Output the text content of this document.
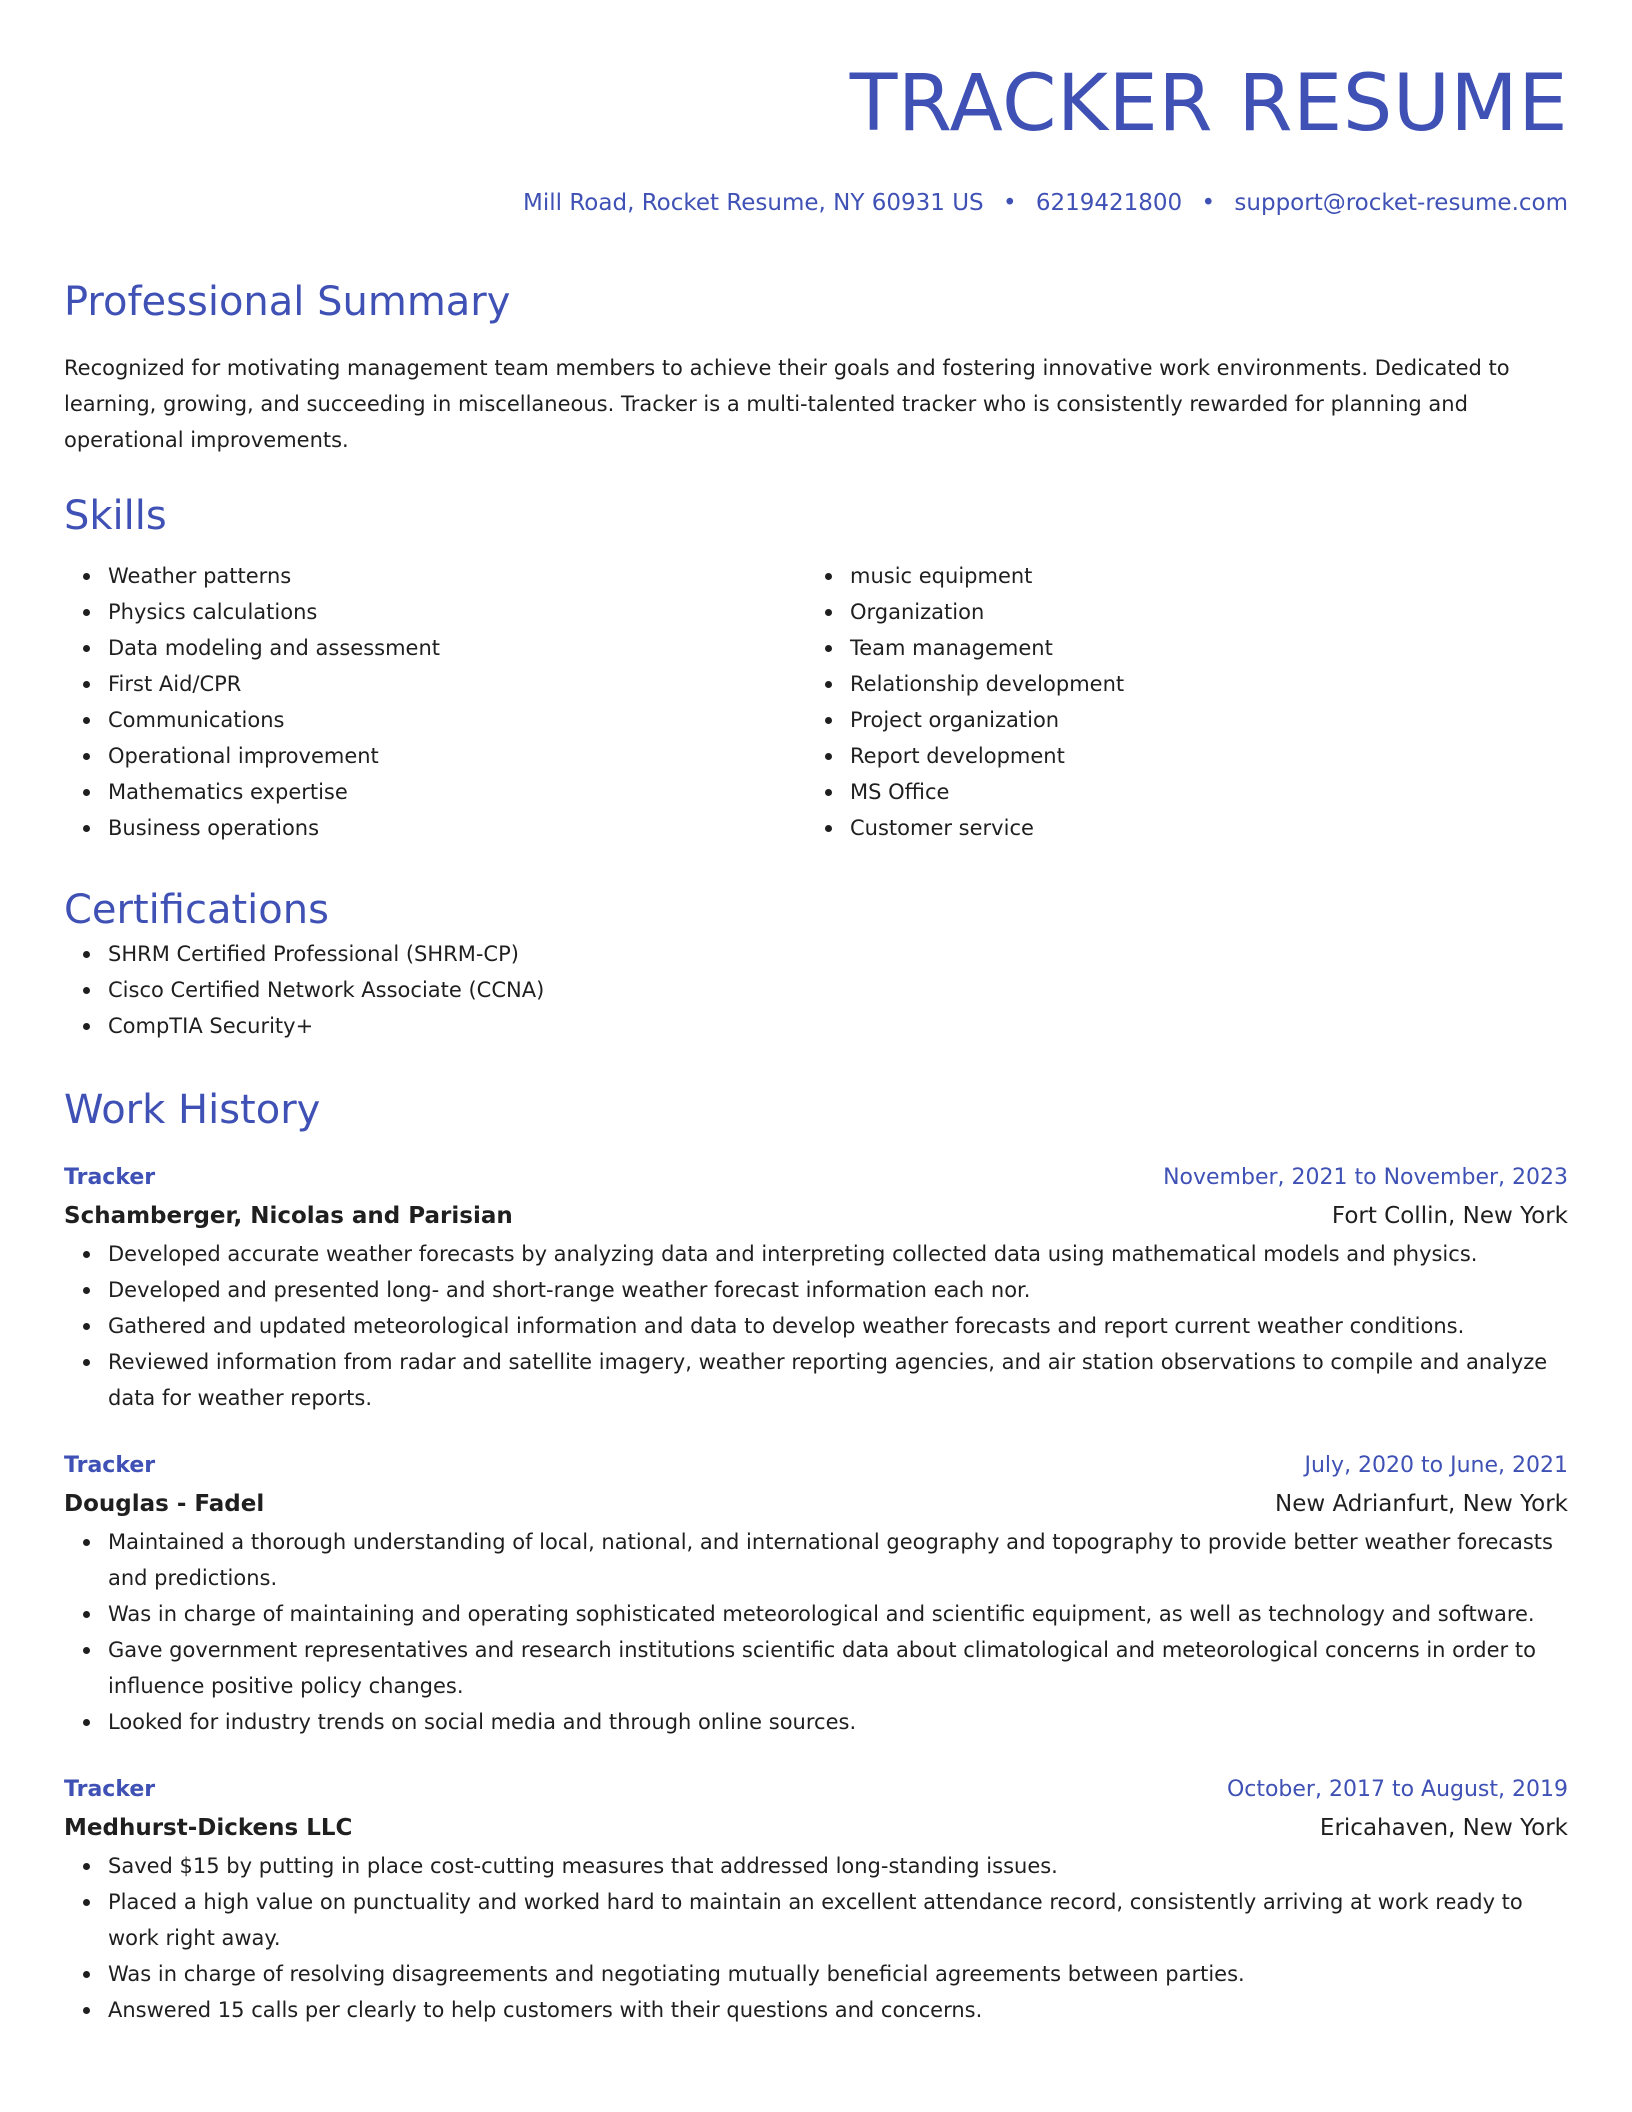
TRACKER RESUME
Mill Road, Rocket Resume, NY 60931 US • 6219421800 • support@rocket-resume.com
Professional Summary

Recognized for motivating management team members to achieve their goals and fostering innovative work environments. Dedicated to learning, growing, and succeeding in miscellaneous. Tracker is a multi-talented tracker who is consistently rewarded for planning and operational improvements.

Skills
Weather patterns
Physics calculations
Data modeling and assessment
First Aid/CPR
Communications
Operational improvement
Mathematics expertise
Business operations
music equipment
Organization
Team management
Relationship development
Project organization
Report development
MS Office
Customer service
Certifications
SHRM Certified Professional (SHRM-CP)
Cisco Certified Network Associate (CCNA)
CompTIA Security+
Work History
Tracker	November, 2021 to November, 2023
Schamberger, Nicolas and Parisian	Fort Collin, New York
Developed accurate weather forecasts by analyzing data and interpreting collected data using mathematical models and physics.
Developed and presented long- and short-range weather forecast information each nor.
Gathered and updated meteorological information and data to develop weather forecasts and report current weather conditions.
Reviewed information from radar and satellite imagery, weather reporting agencies, and air station observations to compile and analyze data for weather reports.
Tracker	July, 2020 to June, 2021
Douglas - Fadel	New Adrianfurt, New York
Maintained a thorough understanding of local, national, and international geography and topography to provide better weather forecasts and predictions.
Was in charge of maintaining and operating sophisticated meteorological and scientific equipment, as well as technology and software.
Gave government representatives and research institutions scientific data about climatological and meteorological concerns in order to influence positive policy changes.
Looked for industry trends on social media and through online sources.
Tracker	October, 2017 to August, 2019
Medhurst-Dickens LLC	Ericahaven, New York
Saved $15 by putting in place cost-cutting measures that addressed long-standing issues.
Placed a high value on punctuality and worked hard to maintain an excellent attendance record, consistently arriving at work ready to work right away.
Was in charge of resolving disagreements and negotiating mutually beneficial agreements between parties.
Answered 15 calls per clearly to help customers with their questions and concerns.
